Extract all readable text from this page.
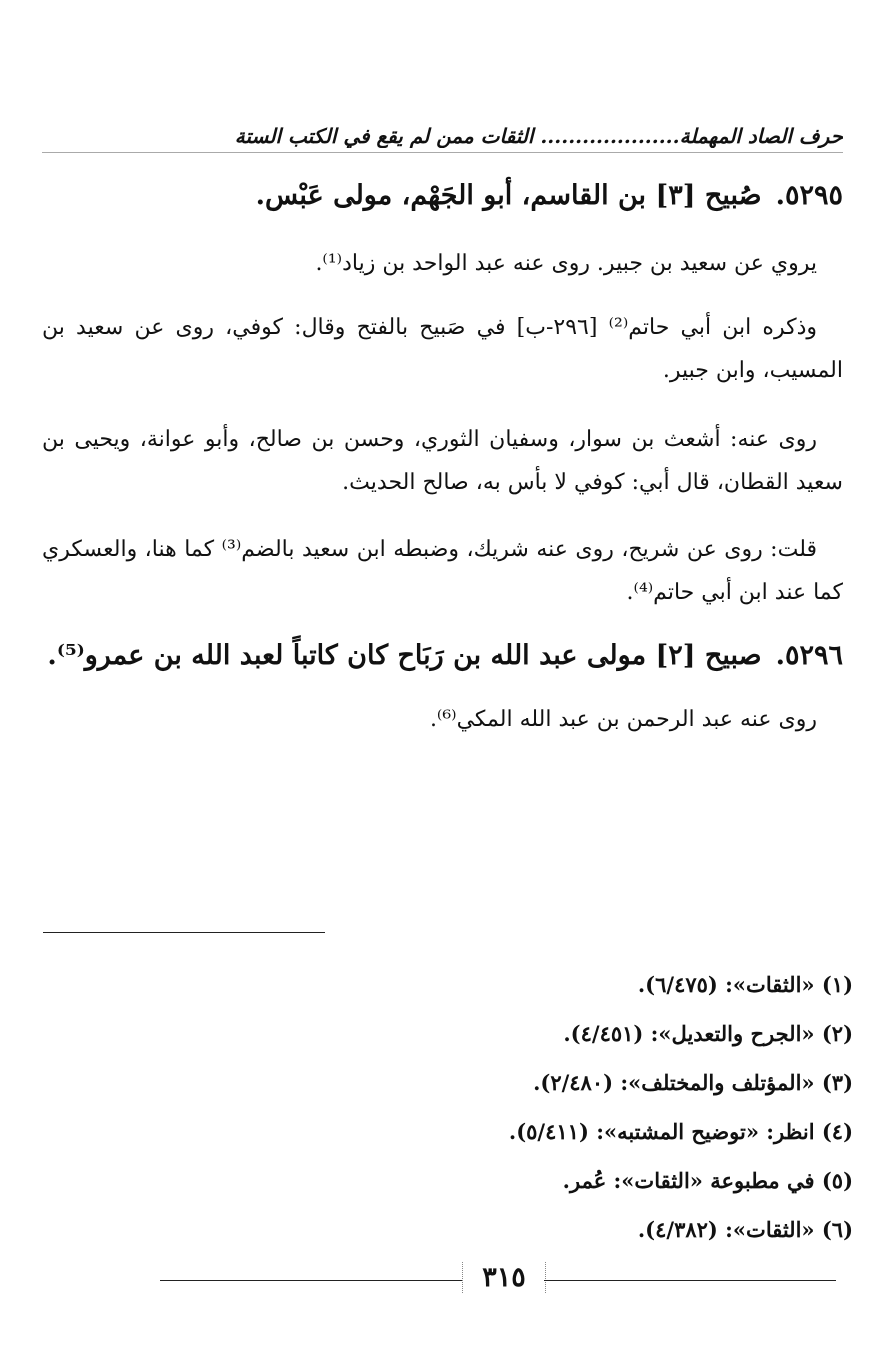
حرف الصاد المهملة.................... الثقات ممن لم يقع في الكتب الستة
٥٢٩٥.صُبيح [٣] بن القاسم، أبو الجَهْم، مولى عَبْس.
يروي عن سعيد بن جبير. روى عنه عبد الواحد بن زياد⁽¹⁾.
وذكره ابن أبي حاتم⁽²⁾ [٢٩٦-ب] في صَبيح بالفتح وقال: كوفي، روى عن سعيد بن المسيب، وابن جبير.
روى عنه: أشعث بن سوار، وسفيان الثوري، وحسن بن صالح، وأبو عوانة، ويحيى بن سعيد القطان، قال أبي: كوفي لا بأس به، صالح الحديث.
قلت: روى عن شريح، روى عنه شريك، وضبطه ابن سعيد بالضم⁽³⁾ كما هنا، والعسكري كما عند ابن أبي حاتم⁽⁴⁾.
٥٢٩٦.صبيح [٢] مولى عبد الله بن رَبَاح كان كاتباً لعبد الله بن عمرو⁽⁵⁾.
روى عنه عبد الرحمن بن عبد الله المكي⁽⁶⁾.
(١) «الثقات»: (٦/٤٧٥).
(٢) «الجرح والتعديل»: (٤/٤٥١).
(٣) «المؤتلف والمختلف»: (٢/٤٨٠).
(٤) انظر: «توضيح المشتبه»: (٥/٤١١).
(٥) في مطبوعة «الثقات»: عُمر.
(٦) «الثقات»: (٤/٣٨٢).
٣١٥
